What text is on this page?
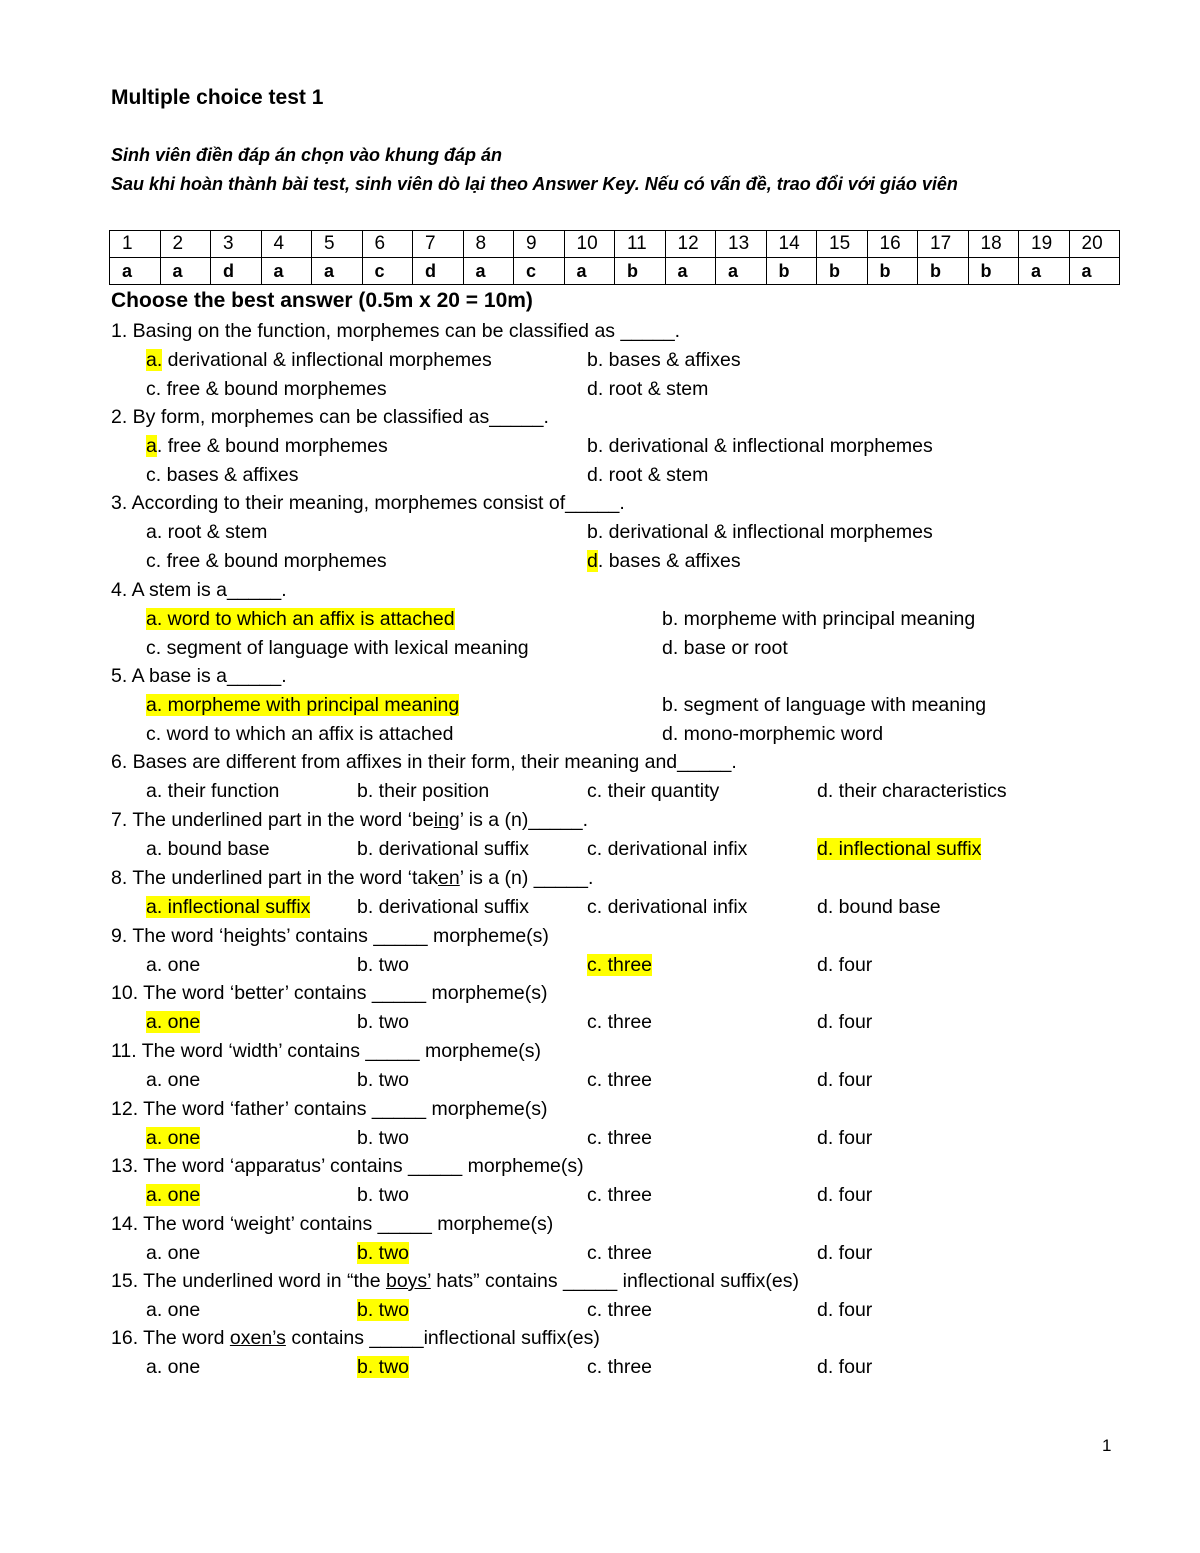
Multiple choice test 1
Sinh viên điền đáp án chọn vào khung đáp án
Sau khi hoàn thành bài test, sinh viên dò lại theo Answer Key. Nếu có vấn đề, trao đổi với giáo viên
1	2	3	4	5	6	7	8	9	10	11	12	13	14	15	16	17	18	19	20
a	a	d	a	a	c	d	a	c	a	b	a	a	b	b	b	b	b	a	a
Choose the best answer (0.5m x 20 = 10m)
1. Basing on the function, morphemes can be classified as _____.
a. derivational & inflectional morphemes	b. bases & affixes
c. free & bound morphemes	d. root & stem
2. By form, morphemes can be classified as_____.
a. free & bound morphemes	b. derivational & inflectional morphemes
c. bases & affixes	d. root & stem
3. According to their meaning, morphemes consist of_____.
a. root & stem	b. derivational & inflectional morphemes
c. free & bound morphemes	d. bases & affixes
4. A stem is a_____.
a. word to which an affix is attached	b. morpheme with principal meaning
c. segment of language with lexical meaning	d. base or root
5. A base is a_____.
a. morpheme with principal meaning	b. segment of language with meaning
c. word to which an affix is attached	d. mono-morphemic word
6. Bases are different from affixes in their form, their meaning and_____.
a. their function	b. their position	c. their quantity	d. their characteristics
7. The underlined part in the word ‘being’ is a (n)_____.
a. bound base	b. derivational suffix	c. derivational infix	d. inflectional suffix
8. The underlined part in the word ‘taken’ is a (n) _____.
a. inflectional suffix b. derivational suffix	c. derivational infix	d. bound base
9. The word ‘heights’ contains _____ morpheme(s)
a. one	b. two	c. three	d. four
10. The word ‘better’ contains _____ morpheme(s)
a. one	b. two	c. three	d. four
11. The word ‘width’ contains _____ morpheme(s)
a. one	b. two	c. three	d. four
12. The word ‘father’ contains _____ morpheme(s)
a. one	b. two	c. three	d. four
13. The word ‘apparatus’ contains _____ morpheme(s)
a. one	b. two	c. three	d. four
14. The word ‘weight’ contains _____ morpheme(s)
a. one	b. two	c. three	d. four
15. The underlined word in “the boys’ hats” contains _____ inflectional suffix(es)
a. one	b. two	c. three	d. four
16. The word oxen’s contains _____inflectional suffix(es)
a. one	b. two	c. three	d. four
1
